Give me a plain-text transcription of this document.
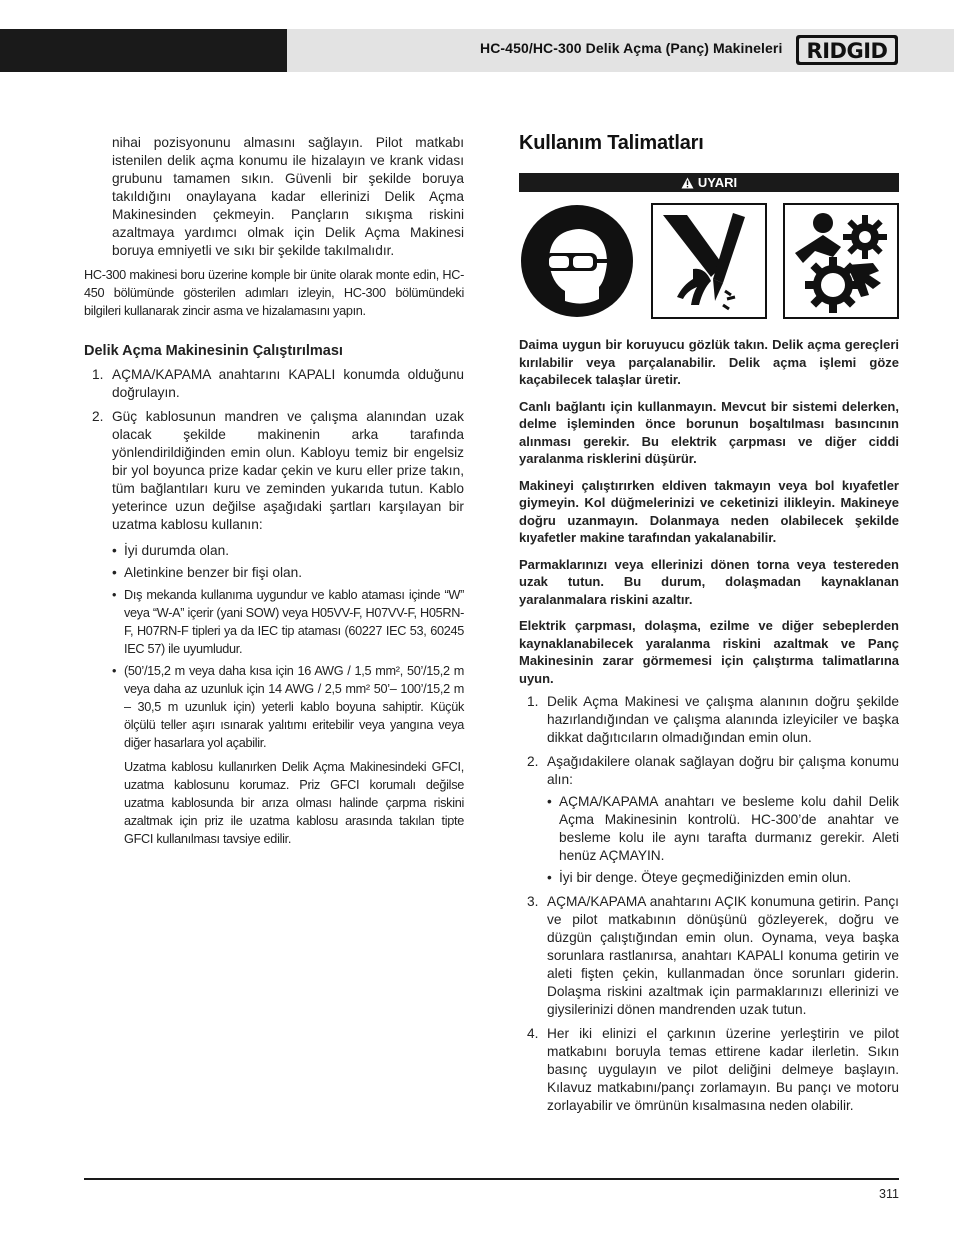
HC-450/HC-300 Delik Açma (Panç) Makineleri RIDGID

nihai pozisyonunu almasını sağlayın. Pilot matkabı istenilen delik açma konumu ile hizalayın ve krank vidası grubunu tamamen sıkın. Güvenli bir şekilde boruya takıldığını onaylayana kadar ellerinizi Delik Açma Makinesinden çekmeyin. Pançların sıkışma riskini azaltmaya yardımcı olmak için Delik Açma Makinesi boruya emniyetli ve sıkı bir şekilde takılmalıdır.

HC-300 makinesi boru üzerine komple bir ünite olarak monte edin, HC-450 bölümünde gösterilen adımları izleyin, HC-300 bölümündeki bilgileri kullanarak zincir asma ve hizalamasını yapın.

Delik Açma Makinesinin Çalıştırılması
1. AÇMA/KAPAMA anahtarını KAPALI konumda olduğunu doğrulayın.
2. Güç kablosunun mandren ve çalışma alanından uzak olacak şekilde makinenin arka tarafında yönlendirildiğinden emin olun. Kabloyu temiz bir engelsiz bir yol boyunca prize kadar çekin ve kuru eller prize takın, tüm bağlantıları kuru ve zeminden yukarıda tutun. Kablo yeterince uzun değilse aşağıdaki şartları karşılayan bir uzatma kablosu kullanın:
• İyi durumda olan.
• Aletinkine benzer bir fişi olan.
• Dış mekanda kullanıma uygundur ve kablo ataması içinde “W” veya “W-A” içerir (yani SOW) veya H05VV-F, H07VV-F, H05RN-F, H07RN-F tipleri ya da IEC tip ataması (60227 IEC 53, 60245 IEC 57) ile uyumludur.
• (50’/15,2 m veya daha kısa için 16 AWG / 1,5 mm², 50’/15,2 m veya daha az uzunluk için 14 AWG / 2,5 mm² 50’– 100’/15,2 m – 30,5 m uzunluk için) yeterli kablo boyuna sahiptir. Küçük ölçülü teller aşırı ısınarak yalıtımı eritebilir veya yangına veya diğer hasarlara yol açabilir.

Uzatma kablosu kullanırken Delik Açma Makinesindeki GFCI, uzatma kablosunu korumaz. Priz GFCI korumalı değilse uzatma kablosunda bir arıza olması halinde çarpma riskini azaltmak için priz ile uzatma kablosu arasında takılan tipte GFCI kullanılması tavsiye edilir.

Kullanım Talimatları
UYARI

Daima uygun bir koruyucu gözlük takın. Delik açma gereçleri kırılabilir veya parçalanabilir. Delik açma işlemi göze kaçabilecek talaşlar üretir.

Canlı bağlantı için kullanmayın. Mevcut bir sistemi delerken, delme işleminden önce borunun boşaltılması basıncının alınması gerekir. Bu elektrik çarpması ve diğer ciddi yaralanma risklerini düşürür.

Makineyi çalıştırırken eldiven takmayın veya bol kıyafetler giymeyin. Kol düğmelerinizi ve ceketinizi ilikleyin. Makineye doğru uzanmayın. Dolanmaya neden olabilecek şekilde kıyafetler makine tarafından yakalanabilir.

Parmaklarınızı veya ellerinizi dönen torna veya testereden uzak tutun. Bu durum, dolaşmadan kaynaklanan yaralanmalara riskini azaltır.

Elektrik çarpması, dolaşma, ezilme ve diğer sebeplerden kaynaklanabilecek yaralanma riskini azaltmak ve Panç Makinesinin zarar görmemesi için çalıştırma talimatlarına uyun.

1. Delik Açma Makinesi ve çalışma alanının doğru şekilde hazırlandığından ve çalışma alanında izleyiciler ve başka dikkat dağıtıcıların olmadığından emin olun.
2. Aşağıdakilere olanak sağlayan doğru bir çalışma konumu alın:
• AÇMA/KAPAMA anahtarı ve besleme kolu dahil Delik Açma Makinesinin kontrolü. HC-300’de anahtar ve besleme kolu ile aynı tarafta durmanız gerekir. Aleti henüz AÇMAYIN.
• İyi bir denge. Öteye geçmediğinizden emin olun.
3. AÇMA/KAPAMA anahtarını AÇIK konumuna getirin. Pançı ve pilot matkabının dönüşünü gözleyerek, doğru ve düzgün çalıştığından emin olun. Oynama, veya başka sorunlara rastlanırsa, anahtarı KAPALI konuma getirin ve aleti fişten çekin, kullanmadan önce sorunları giderin. Dolaşma riskini azaltmak için parmaklarınızı ellerinizi ve giysilerinizi dönen mandrenden uzak tutun.
4. Her iki elinizi el çarkının üzerine yerleştirin ve pilot matkabını boruyla temas ettirene kadar ilerletin. Sıkın basınç uygulayın ve pilot deliğini delmeye başlayın. Kılavuz matkabını/pançı zorlamayın. Bu pançı ve motoru zorlayabilir ve ömrünün kısalmasına neden olabilir.
311
